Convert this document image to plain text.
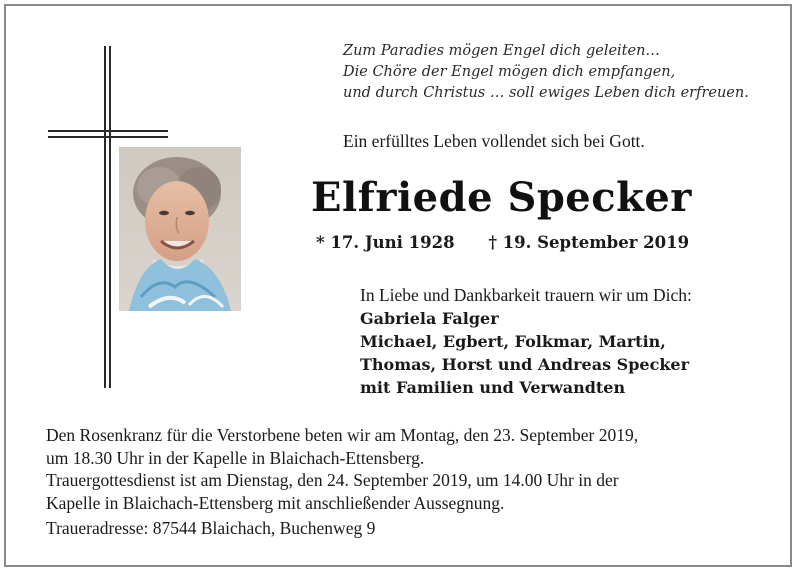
Zum Paradies mögen Engel dich geleiten…
Die Chöre der Engel mögen dich empfangen,
und durch Christus … soll ewiges Leben dich erfreuen.
Ein erfülltes Leben vollendet sich bei Gott.
Elfriede Specker
* 17. Juni 1928 † 19. September 2019
In Liebe und Dankbarkeit trauern wir um Dich:
Gabriela Falger
Michael, Egbert, Folkmar, Martin,
Thomas, Horst und Andreas Specker
mit Familien und Verwandten
Den Rosenkranz für die Verstorbene beten wir am Montag, den 23. September 2019,
um 18.30 Uhr in der Kapelle in Blaichach-Ettensberg.
Trauergottesdienst ist am Dienstag, den 24. September 2019, um 14.00 Uhr in der
Kapelle in Blaichach-Ettensberg mit anschließender Aussegnung.
Traueradresse: 87544 Blaichach, Buchenweg 9
